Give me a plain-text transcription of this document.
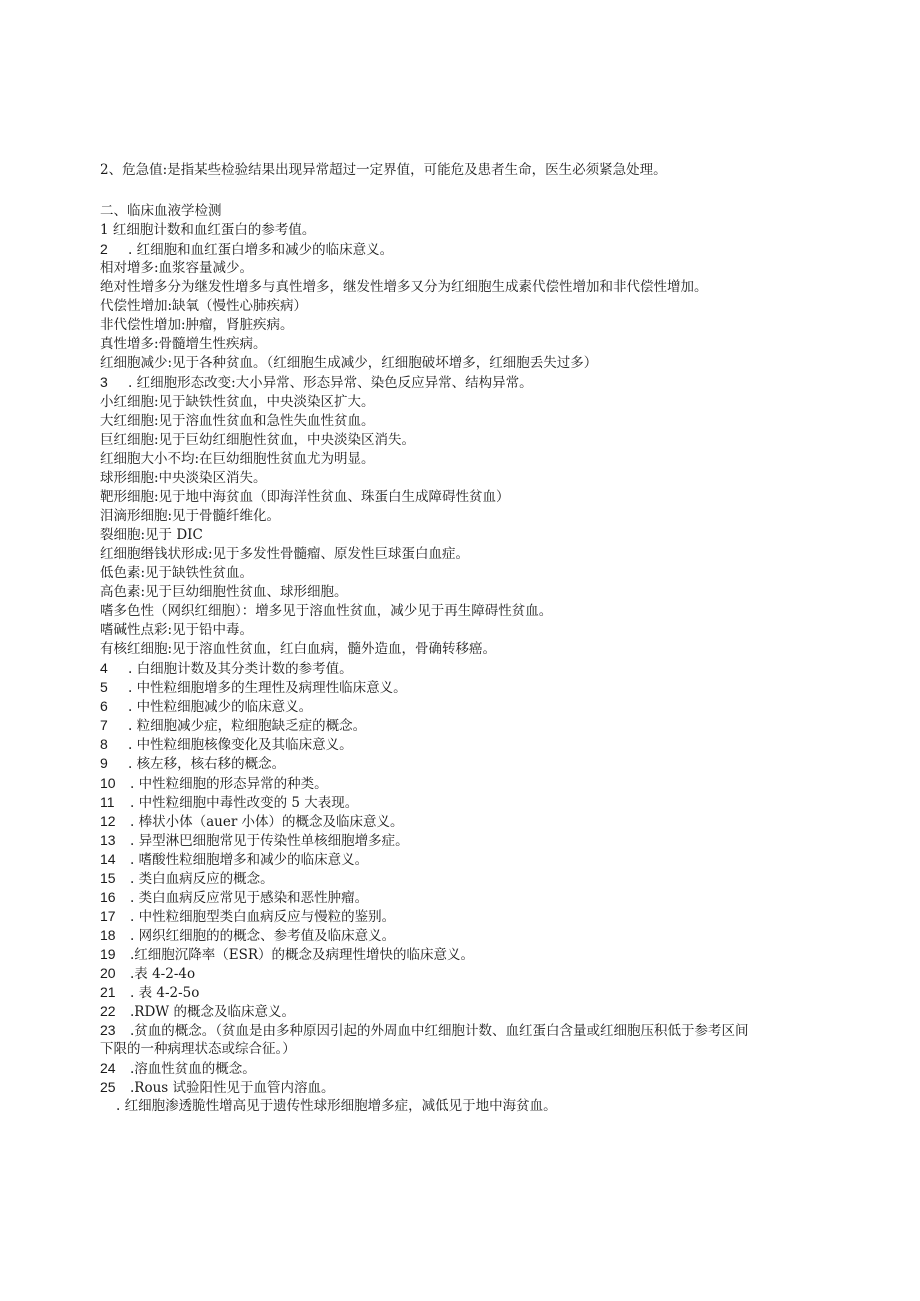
2、危急值:是指某些检验结果出现异常超过一定界值，可能危及患者生命，医生必须紧急处理。
二、临床血液学检测
1 红细胞计数和血红蛋白的参考值。
2 . 红细胞和血红蛋白增多和减少的临床意义。
相对增多:血浆容量减少。
绝对性增多分为继发性增多与真性增多，继发性增多又分为红细胞生成素代偿性增加和非代偿性增加。
代偿性增加:缺氧（慢性心肺疾病）
非代偿性增加:肿瘤，肾脏疾病。
真性增多:骨髓增生性疾病。
红细胞减少:见于各种贫血。（红细胞生成减少，红细胞破坏增多，红细胞丢失过多）
3 . 红细胞形态改变:大小异常、形态异常、染色反应异常、结构异常。
小红细胞:见于缺铁性贫血，中央淡染区扩大。
大红细胞:见于溶血性贫血和急性失血性贫血。
巨红细胞:见于巨幼红细胞性贫血，中央淡染区消失。
红细胞大小不均:在巨幼细胞性贫血尤为明显。
球形细胞:中央淡染区消失。
靶形细胞:见于地中海贫血（即海洋性贫血、珠蛋白生成障碍性贫血）
泪滴形细胞:见于骨髓纤维化。
裂细胞:见于 DIC
红细胞缗钱状形成:见于多发性骨髓瘤、原发性巨球蛋白血症。
低色素:见于缺铁性贫血。
高色素:见于巨幼细胞性贫血、球形细胞。
嗜多色性（网织红细胞）：增多见于溶血性贫血，减少见于再生障碍性贫血。
嗜碱性点彩:见于铅中毒。
有核红细胞:见于溶血性贫血，红白血病，髓外造血，骨确转移癌。
4 . 白细胞计数及其分类计数的参考值。
5 . 中性粒细胞增多的生理性及病理性临床意义。
6 . 中性粒细胞减少的临床意义。
7 . 粒细胞减少症，粒细胞缺乏症的概念。
8 . 中性粒细胞核像变化及其临床意义。
9 . 核左移，核右移的概念。
10 . 中性粒细胞的形态异常的种类。
11 . 中性粒细胞中毒性改变的 5 大表现。
12 . 棒状小体（auer 小体）的概念及临床意义。
13 . 异型淋巴细胞常见于传染性单核细胞增多症。
14 . 嗜酸性粒细胞增多和减少的临床意义。
15 . 类白血病反应的概念。
16 . 类白血病反应常见于感染和恶性肿瘤。
17 . 中性粒细胞型类白血病反应与慢粒的鉴别。
18 . 网织红细胞的的概念、参考值及临床意义。
19 .红细胞沉降率（ESR）的概念及病理性增快的临床意义。
20 .表 4-2-4o
21 . 表 4-2-5o
22 .RDW 的概念及临床意义。
23 .贫血的概念。（贫血是由多种原因引起的外周血中红细胞计数、血红蛋白含量或红细胞压积低于参考区间
下限的一种病理状态或综合征。）
24 .溶血性贫血的概念。
25 .Rous 试验阳性见于血管内溶血。
. 红细胞渗透脆性增高见于遗传性球形细胞增多症，减低见于地中海贫血。
